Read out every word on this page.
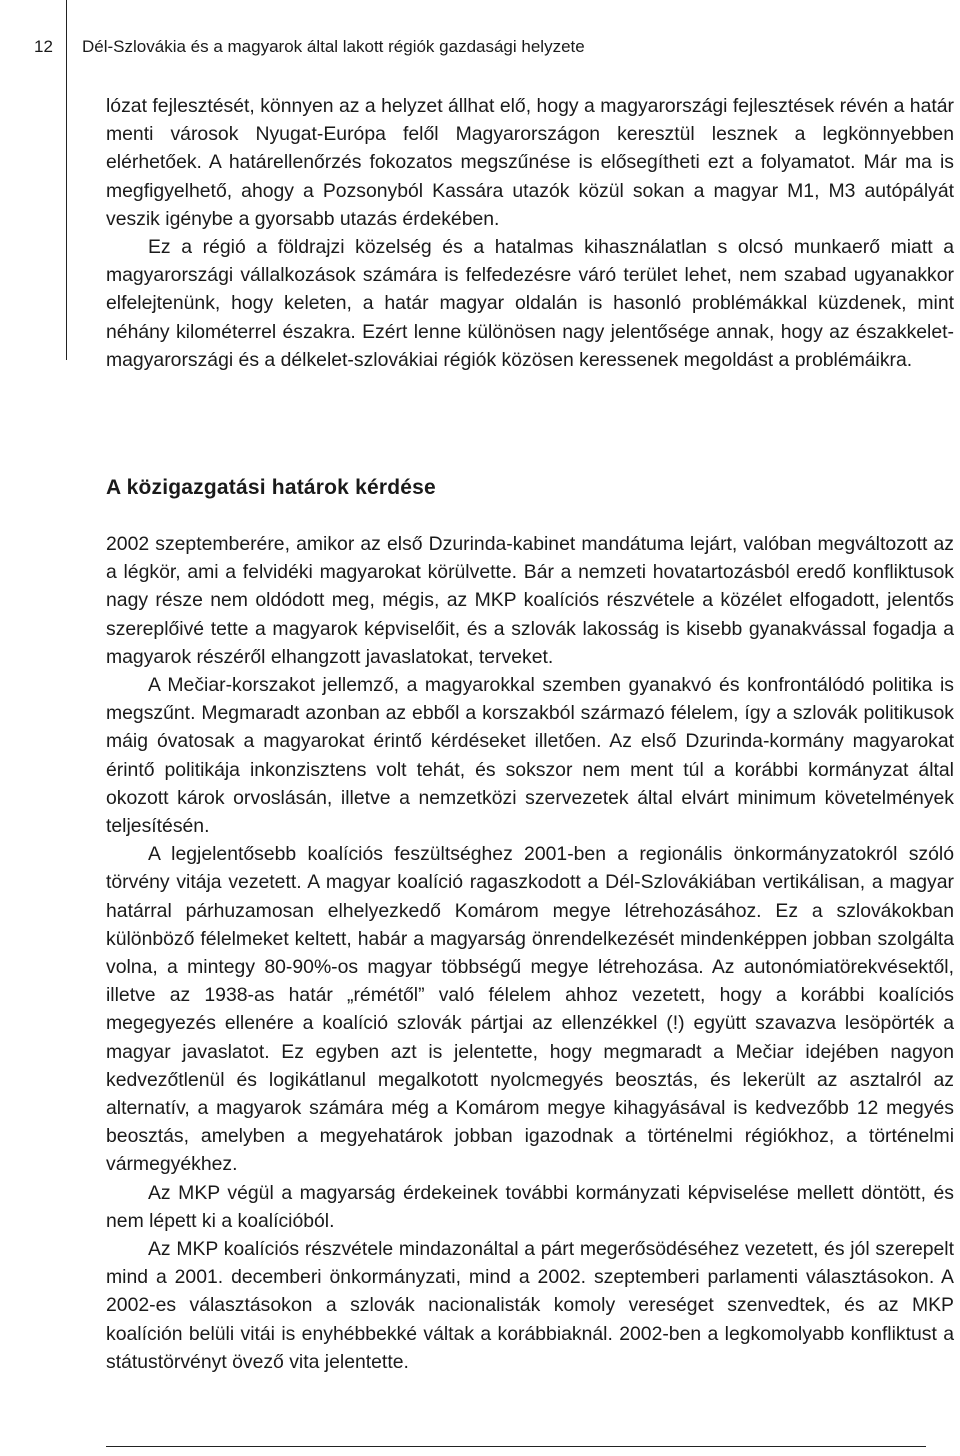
12 Dél-Szlovákia és a magyarok által lakott régiók gazdasági helyzete

lózat fejlesztését, könnyen az a helyzet állhat elő, hogy a magyarországi fejlesztések révén a határ menti városok Nyugat-Európa felől Magyarországon keresztül lesznek a legkönnyebben elérhetőek. A határellenőrzés fokozatos megszűnése is elősegítheti ezt a folyamatot. Már ma is megfigyelhető, ahogy a Pozsonyból Kassára utazók közül sokan a magyar M1, M3 autópályát veszik igénybe a gyorsabb utazás érdekében.

Ez a régió a földrajzi közelség és a hatalmas kihasználatlan s olcsó munkaerő miatt a magyarországi vállalkozások számára is felfedezésre váró terület lehet, nem szabad ugyanakkor elfelejtenünk, hogy keleten, a határ magyar oldalán is hasonló problémákkal küzdenek, mint néhány kilométerrel északra. Ezért lenne különösen nagy jelentősége annak, hogy az északkelet-magyarországi és a délkelet-szlovákiai régiók közösen keressenek megoldást a problémáikra.

A közigazgatási határok kérdése

2002 szeptemberére, amikor az első Dzurinda-kabinet mandátuma lejárt, valóban megváltozott az a légkör, ami a felvidéki magyarokat körülvette. Bár a nemzeti hovatartozásból eredő konfliktusok nagy része nem oldódott meg, mégis, az MKP koalíciós részvétele a közélet elfogadott, jelentős szereplőivé tette a magyarok képviselőit, és a szlovák lakosság is kisebb gyanakvással fogadja a magyarok részéről elhangzott javaslatokat, terveket.

A Mečiar-korszakot jellemző, a magyarokkal szemben gyanakvó és konfrontálódó politika is megszűnt. Megmaradt azonban az ebből a korszakból származó félelem, így a szlovák politikusok máig óvatosak a magyarokat érintő kérdéseket illetően. Az első Dzurinda-kormány magyarokat érintő politikája inkonzisztens volt tehát, és sokszor nem ment túl a korábbi kormányzat által okozott károk orvoslásán, illetve a nemzetközi szervezetek által elvárt minimum követelmények teljesítésén.

A legjelentősebb koalíciós feszültséghez 2001-ben a regionális önkormányzatokról szóló törvény vitája vezetett. A magyar koalíció ragaszkodott a Dél-Szlovákiában vertikálisan, a magyar határral párhuzamosan elhelyezkedő Komárom megye létrehozásához. Ez a szlovákokban különböző félelmeket keltett, habár a magyarság önrendelkezését mindenképpen jobban szolgálta volna, a mintegy 80-90%-os magyar többségű megye létrehozása. Az autonómiatörekvésektől, illetve az 1938-as határ „rémétől” való félelem ahhoz vezetett, hogy a korábbi koalíciós megegyezés ellenére a koalíció szlovák pártjai az ellenzékkel (!) együtt szavazva lesöpörték a magyar javaslatot. Ez egyben azt is jelentette, hogy megmaradt a Mečiar idejében nagyon kedvezőtlenül és logikátlanul megalkotott nyolcmegyés beosztás, és lekerült az asztalról az alternatív, a magyarok számára még a Komárom megye kihagyásával is kedvezőbb 12 megyés beosztás, amelyben a megyehatárok jobban igazodnak a történelmi régiókhoz, a történelmi vármegyékhez.

Az MKP végül a magyarság érdekeinek további kormányzati képviselése mellett döntött, és nem lépett ki a koalícióból.

Az MKP koalíciós részvétele mindazonáltal a párt megerősödéséhez vezetett, és jól szerepelt mind a 2001. decemberi önkormányzati, mind a 2002. szeptemberi parlamenti választásokon. A 2002-es választásokon a szlovák nacionalisták komoly vereséget szenvedtek, és az MKP koalíción belüli vitái is enyhébbekké váltak a korábbiaknál. 2002-ben a legkomolyabb konfliktust a státustörvényt övező vita jelentette.
